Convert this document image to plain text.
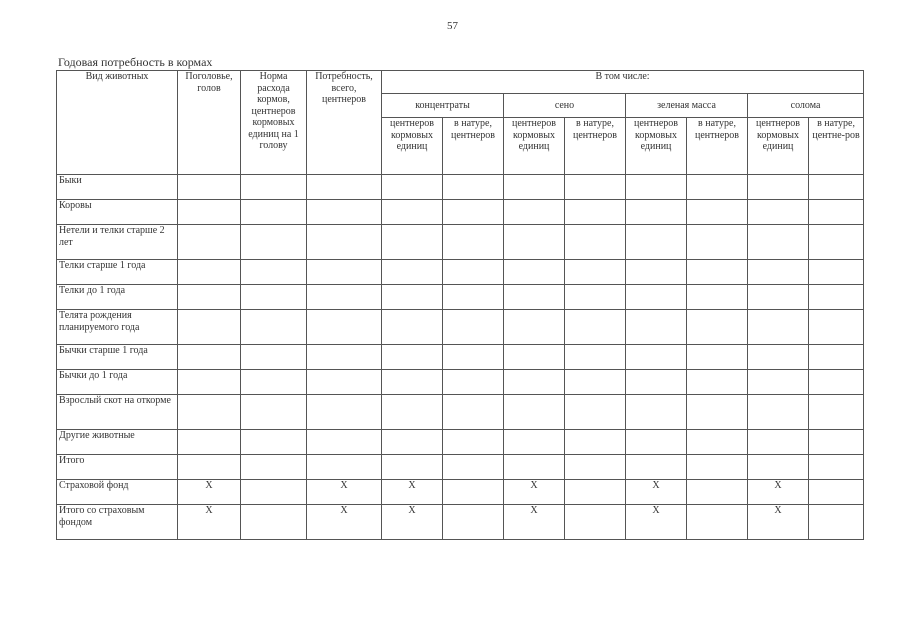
57
Годовая потребность в кормах
Вид животных	Поголовье, голов	Норма расхода кормов, центнеров кормовых единиц на 1 голову	Потребность, всего, центнеров	В том числе:							
				концентраты		сено		зеленая масса		солома	
				центнеров кормовых единиц	в натуре, центнеров	центнеров кормовых единиц	в натуре, центнеров	центнеров кормовых единиц	в натуре, центнеров	центнеров кормовых единиц	в натуре, центне-ров
Быки											
Коровы											
Нетели и телки старше 2 лет											
Телки старше 1 года											
Телки до 1 года											
Телята рождения планируемого года											
Бычки старше 1 года											
Бычки до 1 года											
Взрослый скот на откорме											
Другие животные											
Итого											
Страховой фонд	X		X	X		X		X		X	
Итого со страховым фондом	X		X	X		X		X		X	
